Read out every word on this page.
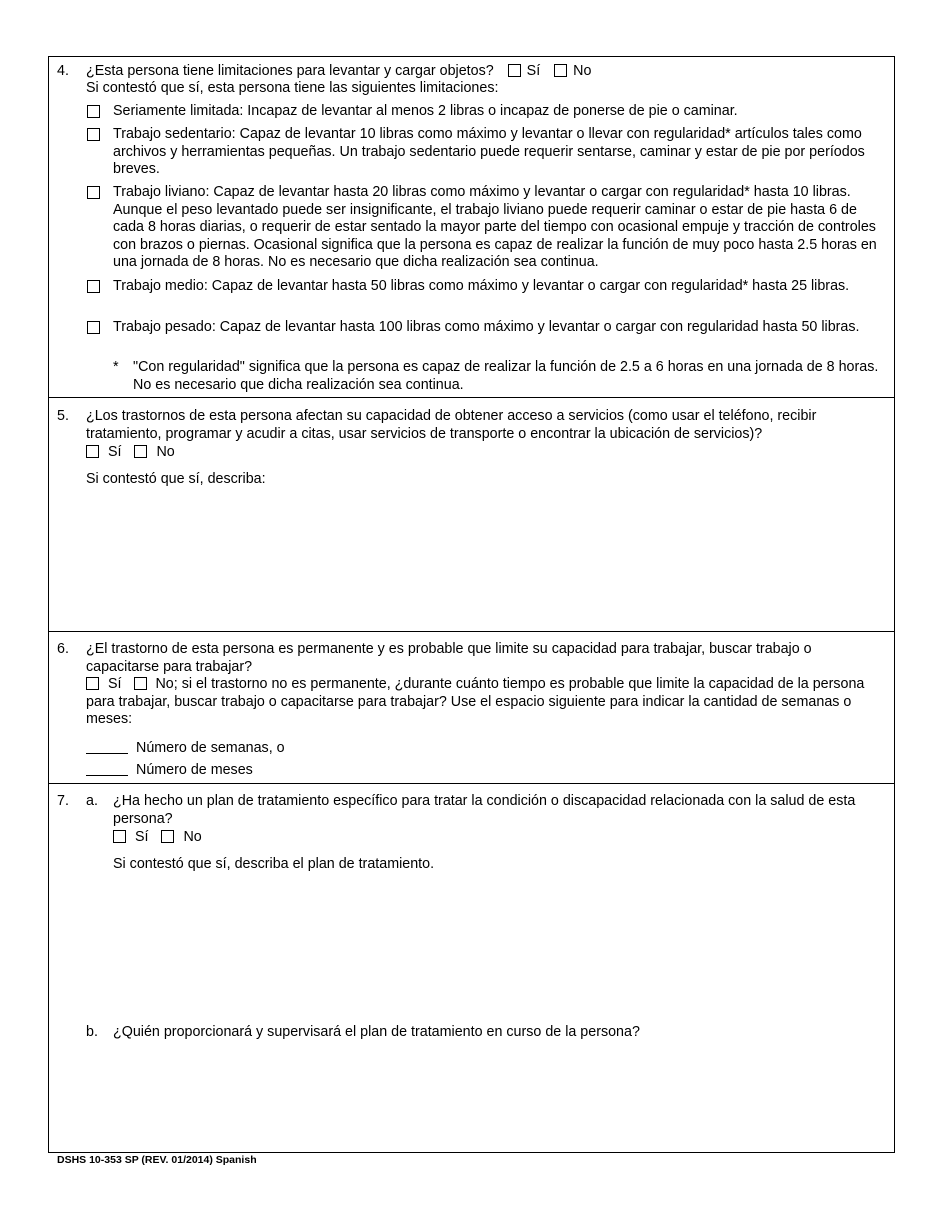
4. ¿Esta persona tiene limitaciones para levantar y cargar objetos? Sí No
Si contestó que sí, esta persona tiene las siguientes limitaciones:
Seriamente limitada: Incapaz de levantar al menos 2 libras o incapaz de ponerse de pie o caminar.
Trabajo sedentario: Capaz de levantar 10 libras como máximo y levantar o llevar con regularidad* artículos tales como archivos y herramientas pequeñas. Un trabajo sedentario puede requerir sentarse, caminar y estar de pie por períodos breves.
Trabajo liviano: Capaz de levantar hasta 20 libras como máximo y levantar o cargar con regularidad* hasta 10 libras. Aunque el peso levantado puede ser insignificante, el trabajo liviano puede requerir caminar o estar de pie hasta 6 de cada 8 horas diarias, o requerir de estar sentado la mayor parte del tiempo con ocasional empuje y tracción de controles con brazos o piernas. Ocasional significa que la persona es capaz de realizar la función de muy poco hasta 2.5 horas en una jornada de 8 horas. No es necesario que dicha realización sea continua.
Trabajo medio: Capaz de levantar hasta 50 libras como máximo y levantar o cargar con regularidad* hasta 25 libras.
Trabajo pesado: Capaz de levantar hasta 100 libras como máximo y levantar o cargar con regularidad hasta 50 libras.
* "Con regularidad" significa que la persona es capaz de realizar la función de 2.5 a 6 horas en una jornada de 8 horas. No es necesario que dicha realización sea continua.
5. ¿Los trastornos de esta persona afectan su capacidad de obtener acceso a servicios (como usar el teléfono, recibir tratamiento, programar y acudir a citas, usar servicios de transporte o encontrar la ubicación de servicios)?
Sí No
Si contestó que sí, describa:
6. ¿El trastorno de esta persona es permanente y es probable que limite su capacidad para trabajar, buscar trabajo o capacitarse para trabajar?
Sí No; si el trastorno no es permanente, ¿durante cuánto tiempo es probable que limite la capacidad de la persona para trabajar, buscar trabajo o capacitarse para trabajar? Use el espacio siguiente para indicar la cantidad de semanas o meses:
Número de semanas, o
Número de meses
7. a. ¿Ha hecho un plan de tratamiento específico para tratar la condición o discapacidad relacionada con la salud de esta persona?
Sí No
Si contestó que sí, describa el plan de tratamiento.
b. ¿Quién proporcionará y supervisará el plan de tratamiento en curso de la persona?
DSHS 10-353 SP (REV. 01/2014) Spanish
